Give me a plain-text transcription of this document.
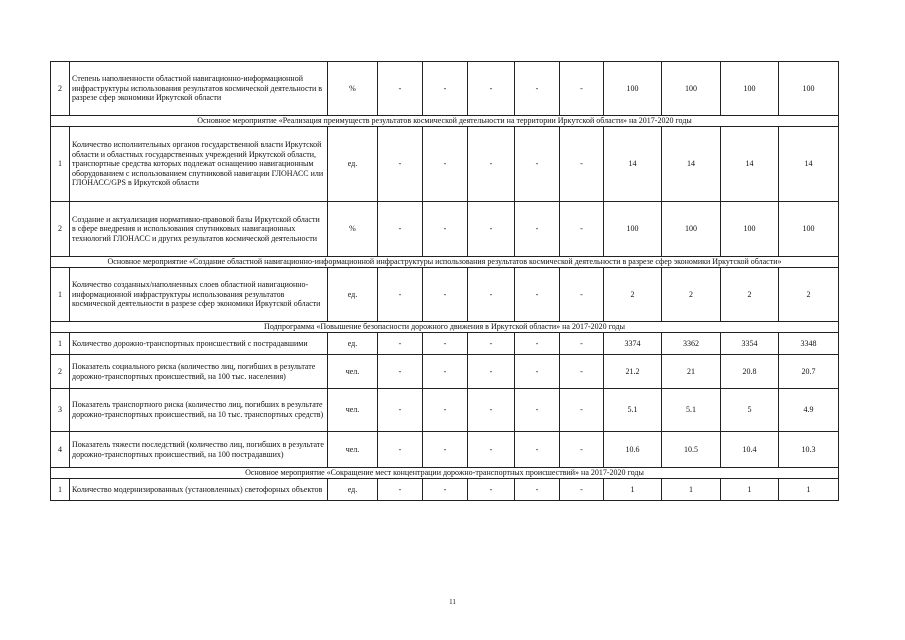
2	Степень наполненности областной навигационно-информационной инфраструктуры использования результатов космической деятельности в разрезе сфер экономики Иркутской области	%	-	-	-	-	-	100	100	100	100
Основное мероприятие «Реализация преимуществ результатов космической деятельности на территории Иркутской области» на 2017-2020 годы											
1	Количество исполнительных органов государственной власти Иркутской области и областных государственных учреждений Иркутской области, транспортные средства которых подлежат оснащению навигационным оборудованием с использованием спутниковой навигации ГЛОНАСС или ГЛОНАСС/GPS в Иркутской области	ед.	-	-	-	-	-	14	14	14	14
2	Создание и актуализация нормативно-правовой базы Иркутской области в сфере внедрения и использования спутниковых навигационных технологий ГЛОНАСС и других результатов космической деятельности	%	-	-	-	-	-	100	100	100	100
Основное мероприятие «Создание областной навигационно-информационной инфраструктуры использования результатов космической деятельности в разрезе сфер экономики Иркутской области»											
1	Количество созданных/наполненных слоев областной навигационно-информационной инфраструктуры использования результатов космической деятельности в разрезе сфер экономики Иркутской области	ед.	-	-	-	-	-	2	2	2	2
Подпрограмма «Повышение безопасности дорожного движения в Иркутской области» на 2017-2020 годы											
1	Количество дорожно-транспортных происшествий с пострадавшими	ед.	-	-	-	-	-	3374	3362	3354	3348
2	Показатель социального риска (количество лиц, погибших в результате дорожно-транспортных происшествий, на 100 тыс. населения)	чел.	-	-	-	-	-	21.2	21	20.8	20.7
3	Показатель транспортного риска (количество лиц, погибших в результате дорожно-транспортных происшествий, на 10 тыс. транспортных средств)	чел.	-	-	-	-	-	5.1	5.1	5	4.9
4	Показатель тяжести последствий (количество лиц, погибших в результате дорожно-транспортных происшествий, на 100 пострадавших)	чел.	-	-	-	-	-	10.6	10.5	10.4	10.3
Основное мероприятие «Сокращение мест концентрации дорожно-транспортных происшествий» на 2017-2020 годы											
1	Количество модернизированных (установленных) светофорных объектов	ед.	-	-	-	-	-	1	1	1	1
11
